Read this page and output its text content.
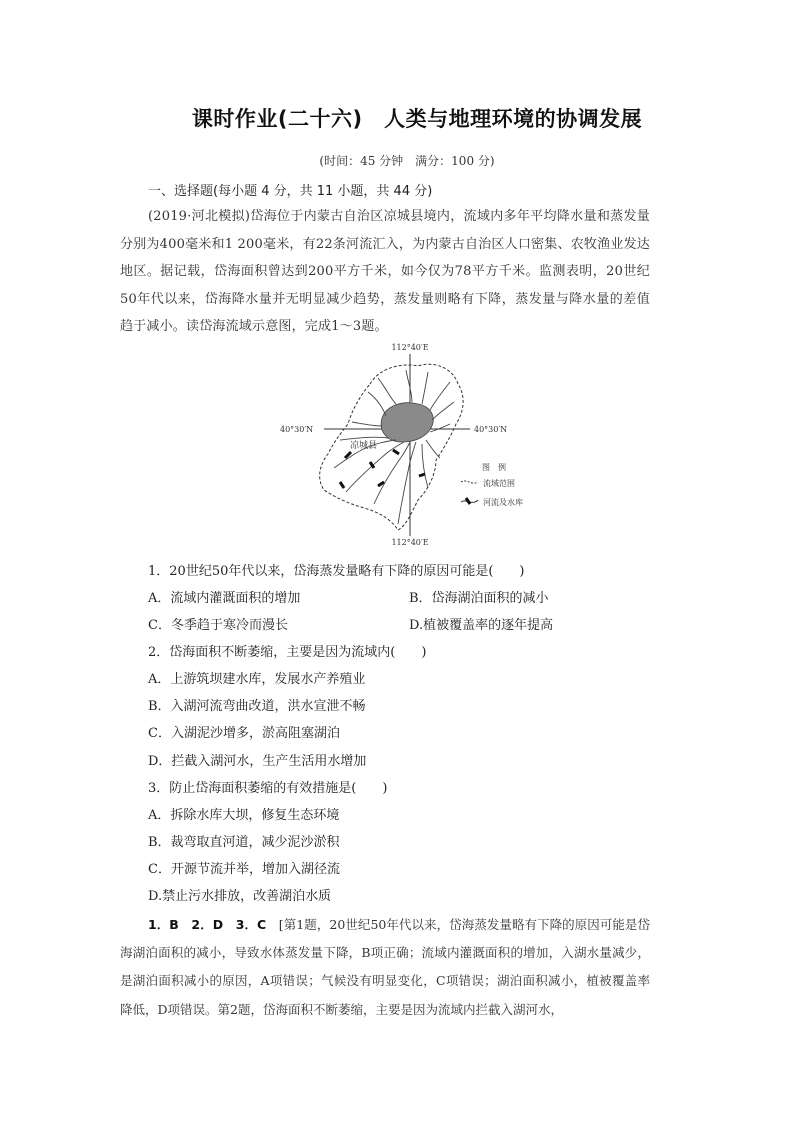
课时作业(二十六)　人类与地理环境的协调发展
(时间：45 分钟　满分：100 分)
一、选择题(每小题 4 分，共 11 小题，共 44 分)
(2019·河北模拟)岱海位于内蒙古自治区凉城县境内，流域内多年平均降水量和蒸发量分别为400毫米和1 200毫米，有22条河流汇入，为内蒙古自治区人口密集、农牧渔业发达地区。据记载，岱海面积曾达到200平方千米，如今仅为78平方千米。监测表明，20世纪50年代以来，岱海降水量并无明显减少趋势，蒸发量则略有下降，蒸发量与降水量的差值趋于减小。读岱海流域示意图，完成1～3题。
112°40′E
112°40′E
40°30′N	40°30′N
凉城县
图　例
流域范围
河流及水库
1．20世纪50年代以来，岱海蒸发量略有下降的原因可能是(　　)
A．流域内灌溉面积的增加	B．岱海湖泊面积的减小
C．冬季趋于寒冷而漫长	D.植被覆盖率的逐年提高
2．岱海面积不断萎缩，主要是因为流域内(　　)
A．上游筑坝建水库，发展水产养殖业
B．入湖河流弯曲改道，洪水宣泄不畅
C．入湖泥沙增多，淤高阻塞湖泊
D．拦截入湖河水，生产生活用水增加
3．防止岱海面积萎缩的有效措施是(　　)
A．拆除水库大坝，修复生态环境
B．裁弯取直河道，减少泥沙淤积
C．开源节流并举，增加入湖径流
D.禁止污水排放，改善湖泊水质
1．B　2．D　3．C　[第1题，20世纪50年代以来，岱海蒸发量略有下降的原因可能是岱海湖泊面积的减小，导致水体蒸发量下降，B项正确；流域内灌溉面积的增加，入湖水量减少，是湖泊面积减小的原因，A项错误；气候没有明显变化，C项错误；湖泊面积减小，植被覆盖率降低，D项错误。第2题，岱海面积不断萎缩，主要是因为流域内拦截入湖河水，
